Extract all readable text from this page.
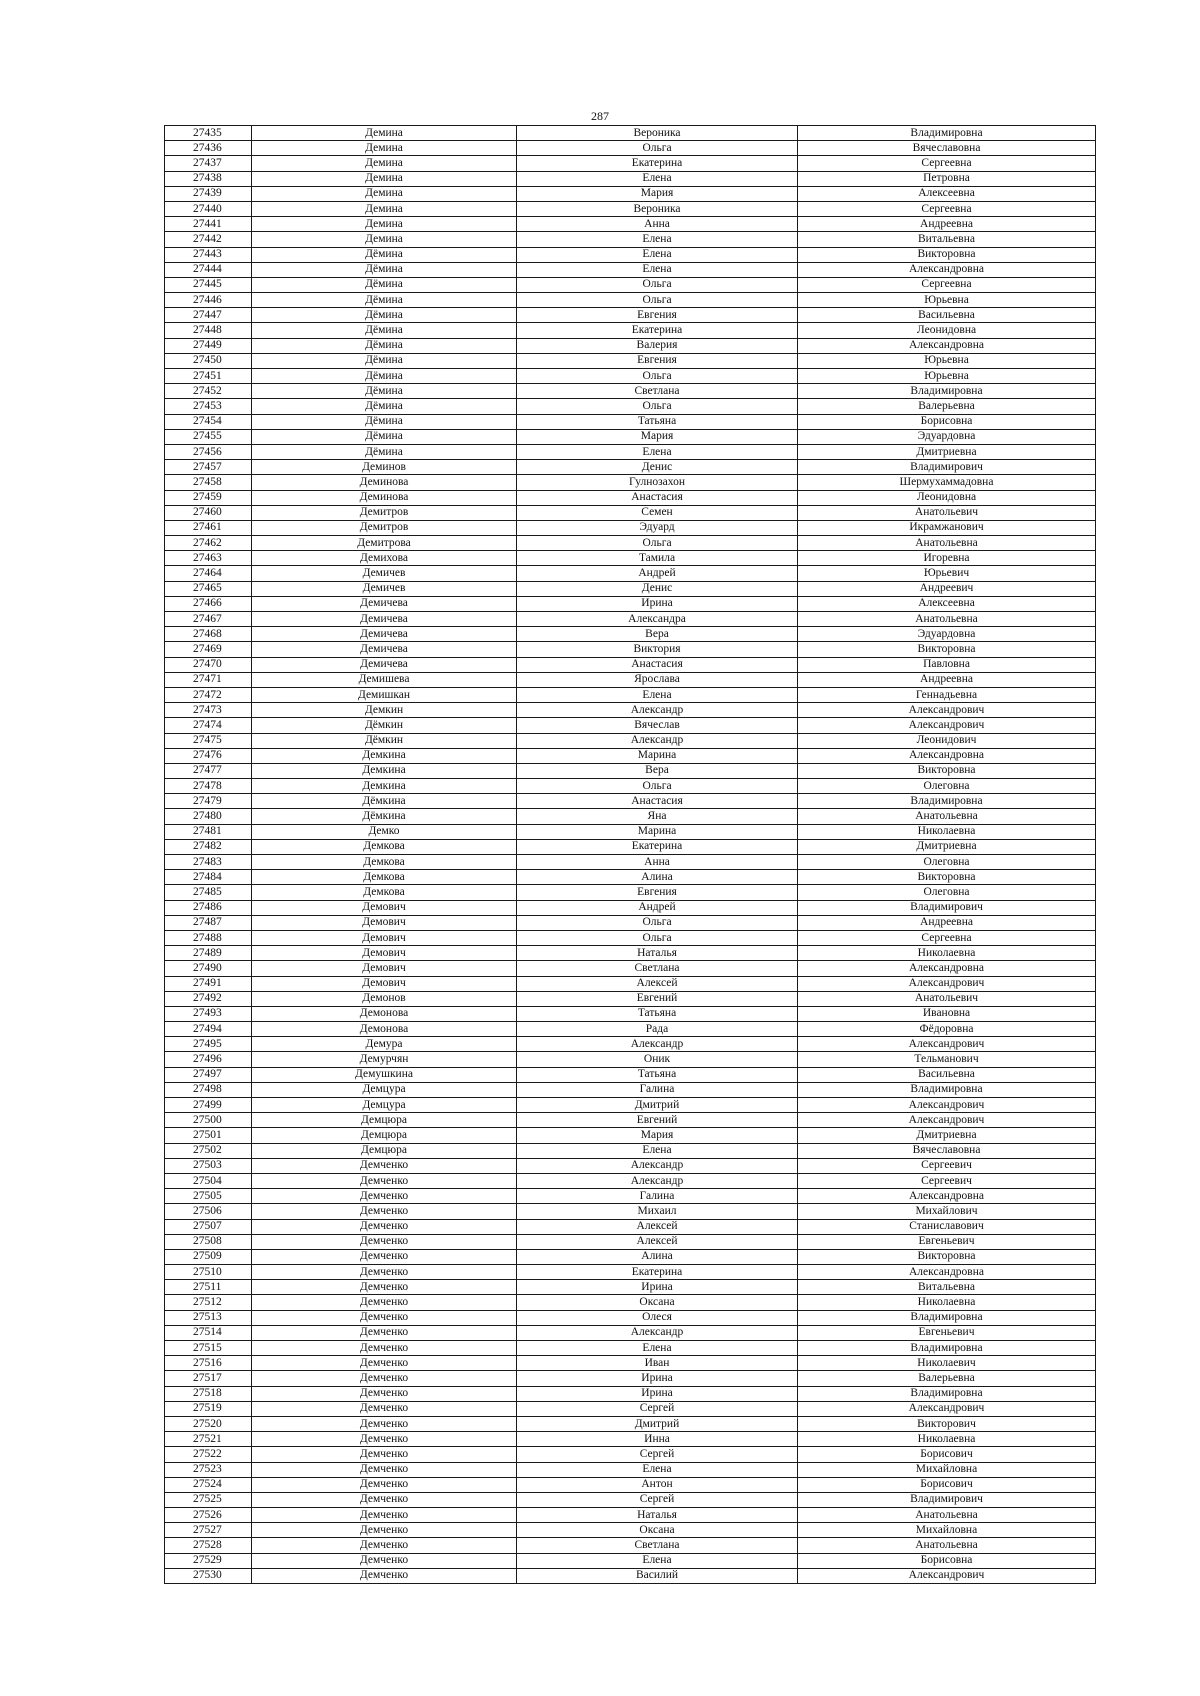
287
27435	Демина	Вероника	Владимировна
27436	Демина	Ольга	Вячеславовна
27437	Демина	Екатерина	Сергеевна
27438	Демина	Елена	Петровна
27439	Демина	Мария	Алексеевна
27440	Демина	Вероника	Сергеевна
27441	Демина	Анна	Андреевна
27442	Демина	Елена	Витальевна
27443	Дёмина	Елена	Викторовна
27444	Дёмина	Елена	Александровна
27445	Дёмина	Ольга	Сергеевна
27446	Дёмина	Ольга	Юрьевна
27447	Дёмина	Евгения	Васильевна
27448	Дёмина	Екатерина	Леонидовна
27449	Дёмина	Валерия	Александровна
27450	Дёмина	Евгения	Юрьевна
27451	Дёмина	Ольга	Юрьевна
27452	Дёмина	Светлана	Владимировна
27453	Дёмина	Ольга	Валерьевна
27454	Дёмина	Татьяна	Борисовна
27455	Дёмина	Мария	Эдуардовна
27456	Дёмина	Елена	Дмитриевна
27457	Деминов	Денис	Владимирович
27458	Деминова	Гулнозахон	Шермухаммадовна
27459	Деминова	Анастасия	Леонидовна
27460	Демитров	Семен	Анатольевич
27461	Демитров	Эдуард	Икрамжанович
27462	Демитрова	Ольга	Анатольевна
27463	Демихова	Тамила	Игоревна
27464	Демичев	Андрей	Юрьевич
27465	Демичев	Денис	Андреевич
27466	Демичева	Ирина	Алексеевна
27467	Демичева	Александра	Анатольевна
27468	Демичева	Вера	Эдуардовна
27469	Демичева	Виктория	Викторовна
27470	Демичева	Анастасия	Павловна
27471	Демишева	Ярослава	Андреевна
27472	Демишкан	Елена	Геннадьевна
27473	Демкин	Александр	Александрович
27474	Дёмкин	Вячеслав	Александрович
27475	Дёмкин	Александр	Леонидович
27476	Демкина	Марина	Александровна
27477	Демкина	Вера	Викторовна
27478	Демкина	Ольга	Олеговна
27479	Дёмкина	Анастасия	Владимировна
27480	Дёмкина	Яна	Анатольевна
27481	Демко	Марина	Николаевна
27482	Демкова	Екатерина	Дмитриевна
27483	Демкова	Анна	Олеговна
27484	Демкова	Алина	Викторовна
27485	Демкова	Евгения	Олеговна
27486	Демович	Андрей	Владимирович
27487	Демович	Ольга	Андреевна
27488	Демович	Ольга	Сергеевна
27489	Демович	Наталья	Николаевна
27490	Демович	Светлана	Александровна
27491	Демович	Алексей	Александрович
27492	Демонов	Евгений	Анатольевич
27493	Демонова	Татьяна	Ивановна
27494	Демонова	Рада	Фёдоровна
27495	Демура	Александр	Александрович
27496	Демурчян	Оник	Тельманович
27497	Демушкина	Татьяна	Васильевна
27498	Демцура	Галина	Владимировна
27499	Демцура	Дмитрий	Александрович
27500	Демцюра	Евгений	Александрович
27501	Демцюра	Мария	Дмитриевна
27502	Демцюра	Елена	Вячеславовна
27503	Демченко	Александр	Сергеевич
27504	Демченко	Александр	Сергеевич
27505	Демченко	Галина	Александровна
27506	Демченко	Михаил	Михайлович
27507	Демченко	Алексей	Станиславович
27508	Демченко	Алексей	Евгеньевич
27509	Демченко	Алина	Викторовна
27510	Демченко	Екатерина	Александровна
27511	Демченко	Ирина	Витальевна
27512	Демченко	Оксана	Николаевна
27513	Демченко	Олеся	Владимировна
27514	Демченко	Александр	Евгеньевич
27515	Демченко	Елена	Владимировна
27516	Демченко	Иван	Николаевич
27517	Демченко	Ирина	Валерьевна
27518	Демченко	Ирина	Владимировна
27519	Демченко	Сергей	Александрович
27520	Демченко	Дмитрий	Викторович
27521	Демченко	Инна	Николаевна
27522	Демченко	Сергей	Борисович
27523	Демченко	Елена	Михайловна
27524	Демченко	Антон	Борисович
27525	Демченко	Сергей	Владимирович
27526	Демченко	Наталья	Анатольевна
27527	Демченко	Оксана	Михайловна
27528	Демченко	Светлана	Анатольевна
27529	Демченко	Елена	Борисовна
27530	Демченко	Василий	Александрович
